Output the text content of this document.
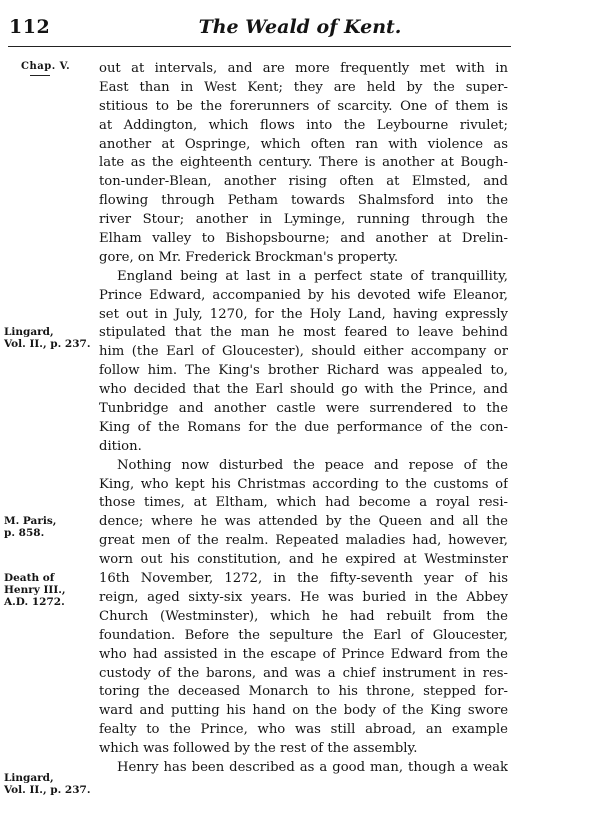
112	The Weald of Kent.
Chap. V.
Lingard,
Vol. II., p. 237.
M. Paris,
p. 858.
Death of
Henry III.,
A.D. 1272.
Lingard,
Vol. II., p. 237.
out at intervals, and are more frequently met with in
East than in West Kent; they are held by the super-
stitious to be the forerunners of scarcity. One of them is
at Addington, which flows into the Leybourne rivulet;
another at Ospringe, which often ran with violence as
late as the eighteenth century. There is another at Bough-
ton-under-Blean, another rising often at Elmsted, and
flowing through Petham towards Shalmsford into the
river Stour; another in Lyminge, running through the
Elham valley to Bishopsbourne; and another at Drelin-
gore, on Mr. Frederick Brockman's property.
England being at last in a perfect state of tranquillity,
Prince Edward, accompanied by his devoted wife Eleanor,
set out in July, 1270, for the Holy Land, having expressly
stipulated that the man he most feared to leave behind
him (the Earl of Gloucester), should either accompany or
follow him. The King's brother Richard was appealed to,
who decided that the Earl should go with the Prince, and
Tunbridge and another castle were surrendered to the
King of the Romans for the due performance of the con-
dition.
Nothing now disturbed the peace and repose of the
King, who kept his Christmas according to the customs of
those times, at Eltham, which had become a royal resi-
dence; where he was attended by the Queen and all the
great men of the realm. Repeated maladies had, however,
worn out his constitution, and he expired at Westminster
16th November, 1272, in the fifty-seventh year of his
reign, aged sixty-six years. He was buried in the Abbey
Church (Westminster), which he had rebuilt from the
foundation. Before the sepulture the Earl of Gloucester,
who had assisted in the escape of Prince Edward from the
custody of the barons, and was a chief instrument in res-
toring the deceased Monarch to his throne, stepped for-
ward and putting his hand on the body of the King swore
fealty to the Prince, who was still abroad, an example
which was followed by the rest of the assembly.
Henry has been described as a good man, though a weak
